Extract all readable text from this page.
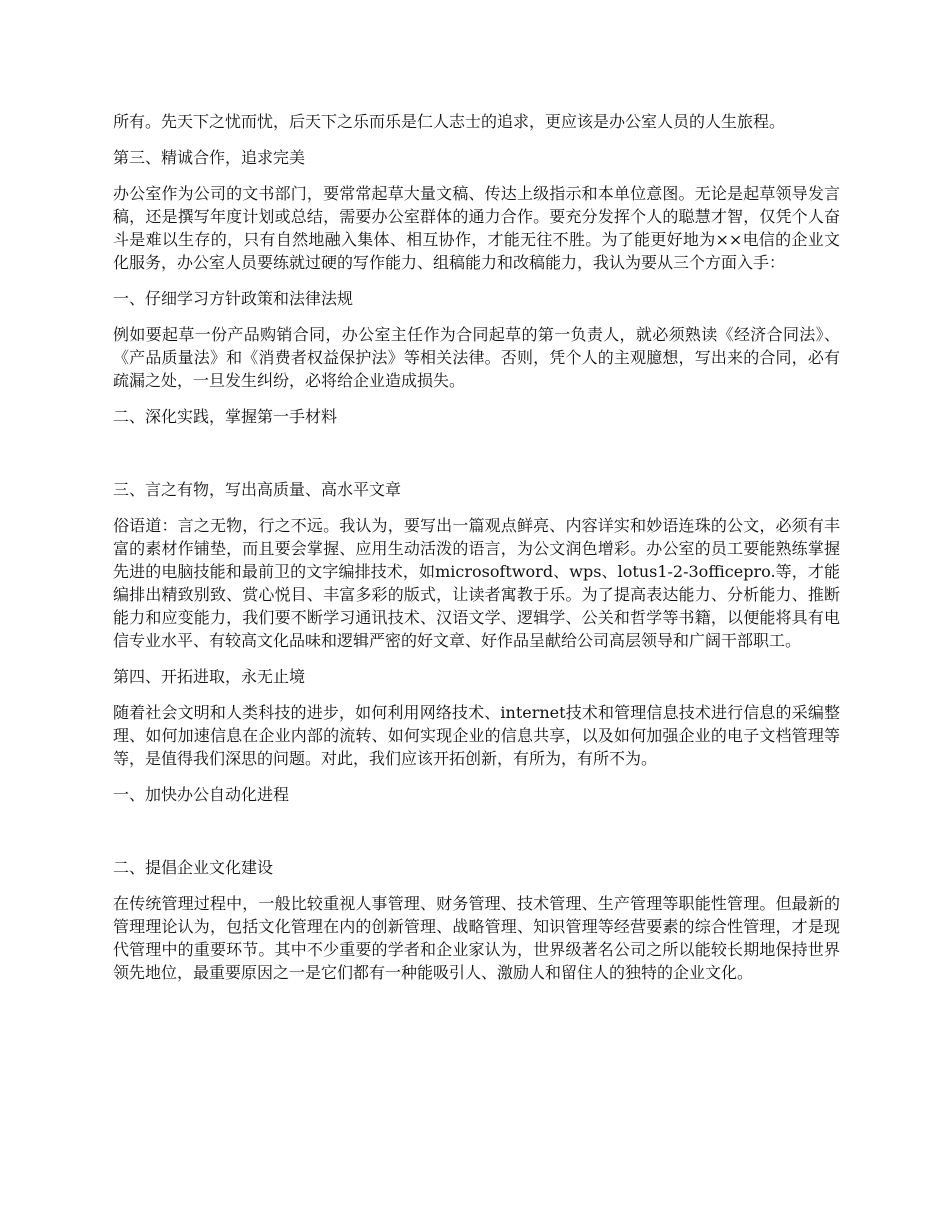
所有。先天下之忧而忧，后天下之乐而乐是仁人志士的追求，更应该是办公室人员的人生旅程。

第三、精诚合作，追求完美

办公室作为公司的文书部门，要常常起草大量文稿、传达上级指示和本单位意图。无论是起草领导发言稿，还是撰写年度计划或总结，需要办公室群体的通力合作。要充分发挥个人的聪慧才智，仅凭个人奋斗是难以生存的，只有自然地融入集体、相互协作，才能无往不胜。为了能更好地为××电信的企业文化服务，办公室人员要练就过硬的写作能力、组稿能力和改稿能力，我认为要从三个方面入手：

一、仔细学习方针政策和法律法规

例如要起草一份产品购销合同，办公室主任作为合同起草的第一负责人，就必须熟读《经济合同法》、《产品质量法》和《消费者权益保护法》等相关法律。否则，凭个人的主观臆想，写出来的合同，必有疏漏之处，一旦发生纠纷，必将给企业造成损失。

二、深化实践，掌握第一手材料

三、言之有物，写出高质量、高水平文章

俗语道：言之无物，行之不远。我认为，要写出一篇观点鲜亮、内容详实和妙语连珠的公文，必须有丰富的素材作铺垫，而且要会掌握、应用生动活泼的语言，为公文润色增彩。办公室的员工要能熟练掌握先进的电脑技能和最前卫的文字编排技术，如microsoftword、wps、lotus1-2-3officepro.等，才能编排出精致别致、赏心悦目、丰富多彩的版式，让读者寓教于乐。为了提高表达能力、分析能力、推断能力和应变能力，我们要不断学习通讯技术、汉语文学、逻辑学、公关和哲学等书籍，以便能将具有电信专业水平、有较高文化品味和逻辑严密的好文章、好作品呈献给公司高层领导和广阔干部职工。

第四、开拓进取，永无止境

随着社会文明和人类科技的进步，如何利用网络技术、internet技术和管理信息技术进行信息的采编整理、如何加速信息在企业内部的流转、如何实现企业的信息共享，以及如何加强企业的电子文档管理等等，是值得我们深思的问题。对此，我们应该开拓创新，有所为，有所不为。

一、加快办公自动化进程

二、提倡企业文化建设

在传统管理过程中，一般比较重视人事管理、财务管理、技术管理、生产管理等职能性管理。但最新的管理理论认为，包括文化管理在内的创新管理、战略管理、知识管理等经营要素的综合性管理，才是现代管理中的重要环节。其中不少重要的学者和企业家认为，世界级著名公司之所以能较长期地保持世界领先地位，最重要原因之一是它们都有一种能吸引人、激励人和留住人的独特的企业文化。
